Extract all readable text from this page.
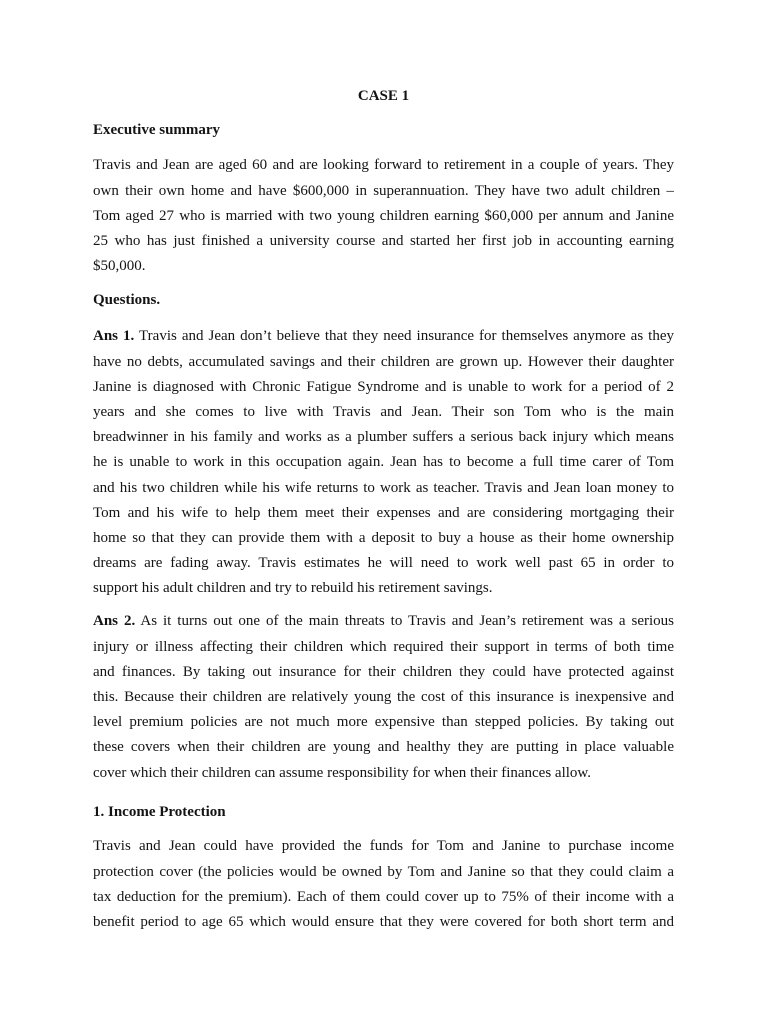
CASE 1
Executive summary
Travis and Jean are aged 60 and are looking forward to retirement in a couple of years. They
own their own home and have $600,000 in superannuation. They have two adult children –
Tom aged 27 who is married with two young children earning $60,000 per annum and Janine
25 who has just finished a university course and started her first job in accounting earning
$50,000.
Questions.
Ans 1. Travis and Jean don’t believe that they need insurance for themselves anymore as they
have no debts, accumulated savings and their children are grown up. However their daughter
Janine is diagnosed with Chronic Fatigue Syndrome and is unable to work for a period of 2
years and she comes to live with Travis and Jean. Their son Tom who is the main
breadwinner in his family and works as a plumber suffers a serious back injury which means
he is unable to work in this occupation again. Jean has to become a full time carer of Tom
and his two children while his wife returns to work as teacher. Travis and Jean loan money to
Tom and his wife to help them meet their expenses and are considering mortgaging their
home so that they can provide them with a deposit to buy a house as their home ownership
dreams are fading away. Travis estimates he will need to work well past 65 in order to
support his adult children and try to rebuild his retirement savings.
Ans 2. As it turns out one of the main threats to Travis and Jean’s retirement was a serious
injury or illness affecting their children which required their support in terms of both time
and finances. By taking out insurance for their children they could have protected against
this. Because their children are relatively young the cost of this insurance is inexpensive and
level premium policies are not much more expensive than stepped policies. By taking out
these covers when their children are young and healthy they are putting in place valuable
cover which their children can assume responsibility for when their finances allow.
1. Income Protection
Travis and Jean could have provided the funds for Tom and Janine to purchase income
protection cover (the policies would be owned by Tom and Janine so that they could claim a
tax deduction for the premium). Each of them could cover up to 75% of their income with a
benefit period to age 65 which would ensure that they were covered for both short term and
